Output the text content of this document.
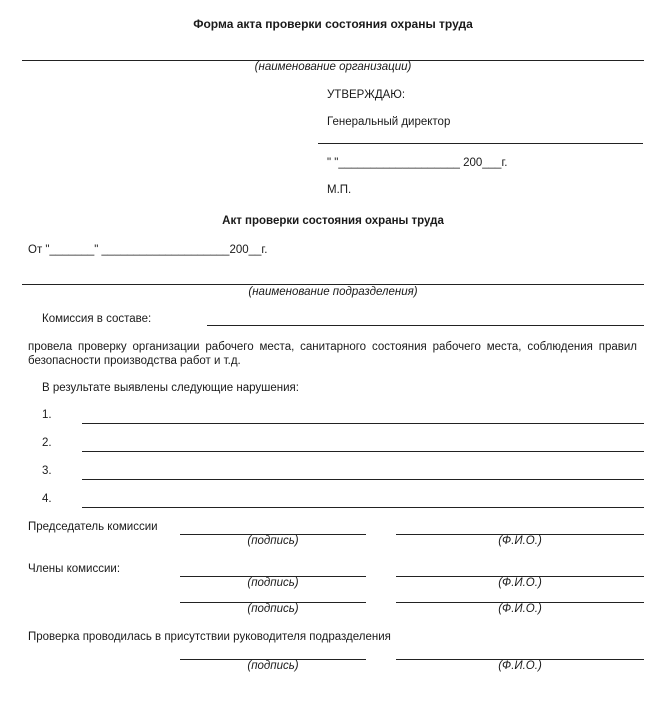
Форма акта проверки состояния охраны труда
(наименование организации)
УТВЕРЖДАЮ:
Генеральный директор
" "___________________ 200___г.
М.П.
Акт проверки состояния охраны труда
От "_______" ____________________200__г.
(наименование подразделения)
Комиссия в составе:
провела проверку организации рабочего места, санитарного состояния рабочего места, соблюдения правил безопасности производства работ и т.д.
В результате выявлены следующие нарушения:
1.
2.
3.
4.
Председатель комиссии
(подпись)	(Ф.И.О.)
Члены комиссии:
(подпись)	(Ф.И.О.)
(подпись)	(Ф.И.О.)
Проверка проводилась в присутствии руководителя подразделения
(подпись)	(Ф.И.О.)
